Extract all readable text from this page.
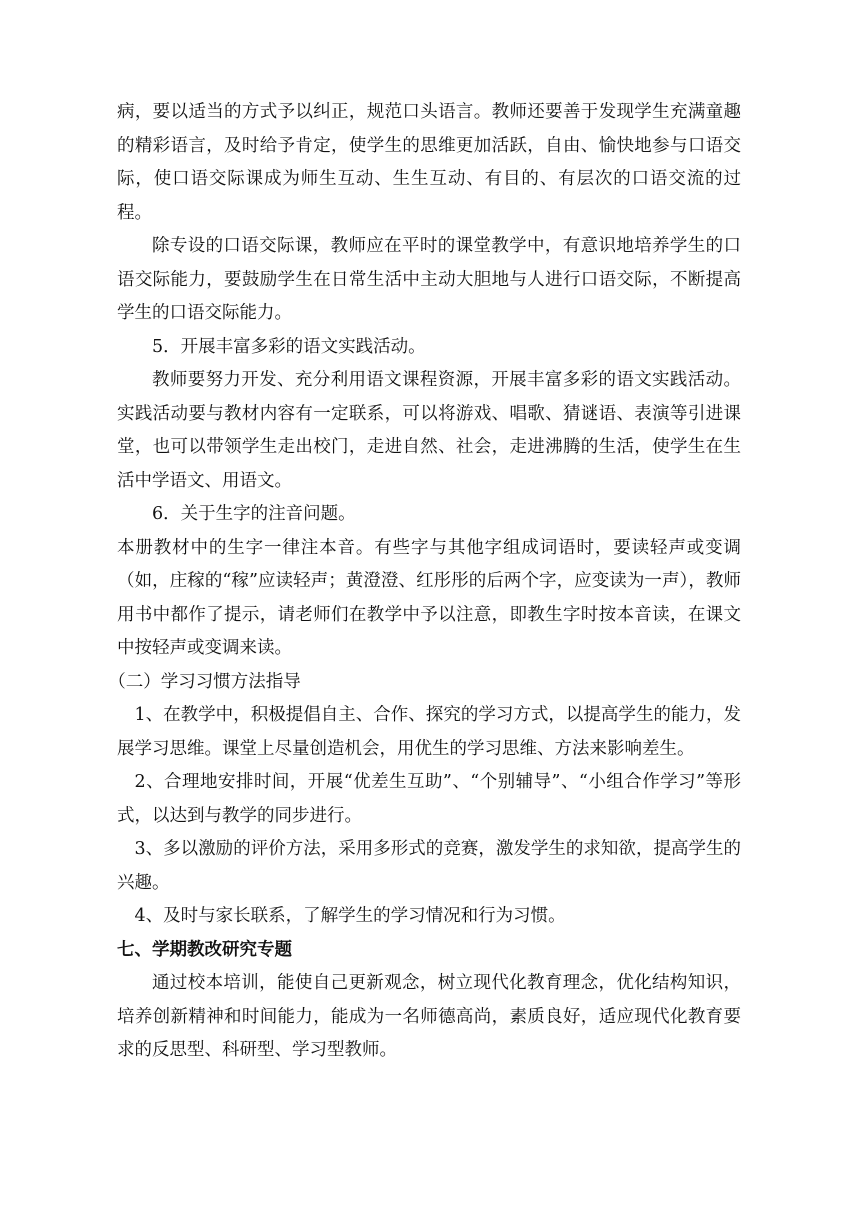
病，要以适当的方式予以纠正，规范口头语言。教师还要善于发现学生充满童趣的精彩语言，及时给予肯定，使学生的思维更加活跃，自由、愉快地参与口语交际，使口语交际课成为师生互动、生生互动、有目的、有层次的口语交流的过程。

除专设的口语交际课，教师应在平时的课堂教学中，有意识地培养学生的口语交际能力，要鼓励学生在日常生活中主动大胆地与人进行口语交际，不断提高学生的口语交际能力。

5．开展丰富多彩的语文实践活动。

教师要努力开发、充分利用语文课程资源，开展丰富多彩的语文实践活动。实践活动要与教材内容有一定联系，可以将游戏、唱歌、猜谜语、表演等引进课堂，也可以带领学生走出校门，走进自然、社会，走进沸腾的生活，使学生在生活中学语文、用语文。

6．关于生字的注音问题。

本册教材中的生字一律注本音。有些字与其他字组成词语时，要读轻声或变调（如，庄稼的“稼”应读轻声；黄澄澄、红彤彤的后两个字，应变读为一声），教师用书中都作了提示，请老师们在教学中予以注意，即教生字时按本音读，在课文中按轻声或变调来读。

（二）学习习惯方法指导

1、在教学中，积极提倡自主、合作、探究的学习方式，以提高学生的能力，发展学习思维。课堂上尽量创造机会，用优生的学习思维、方法来影响差生。

2、合理地安排时间，开展“优差生互助”、“个别辅导”、“小组合作学习”等形式，以达到与教学的同步进行。

3、多以激励的评价方法，采用多形式的竞赛，激发学生的求知欲，提高学生的兴趣。

4、及时与家长联系，了解学生的学习情况和行为习惯。

七、学期教改研究专题

通过校本培训，能使自己更新观念，树立现代化教育理念，优化结构知识，培养创新精神和时间能力，能成为一名师德高尚，素质良好，适应现代化教育要求的反思型、科研型、学习型教师。
